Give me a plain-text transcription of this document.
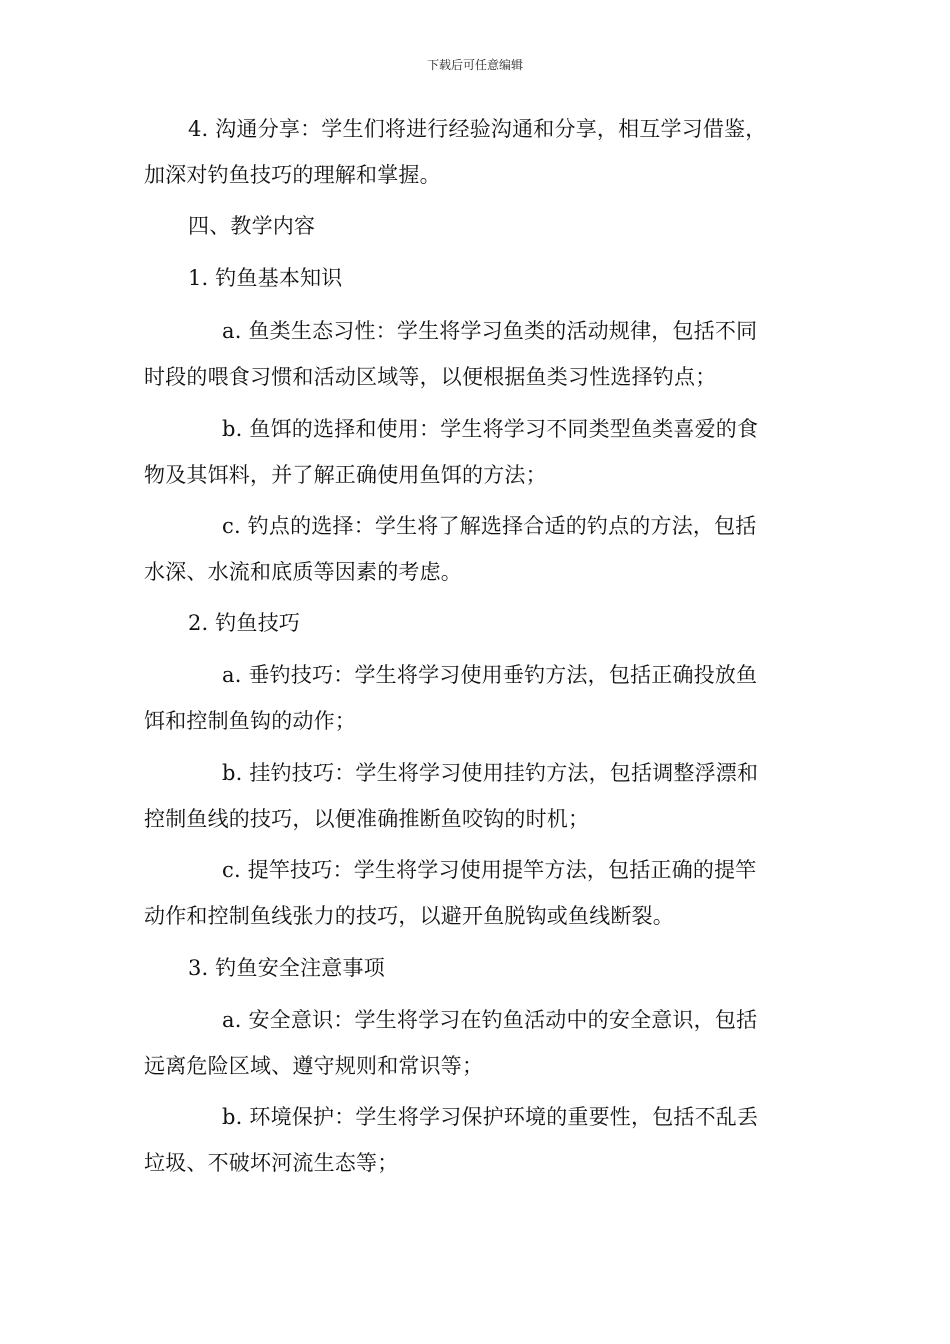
下载后可任意编辑
4. 沟通分享：学生们将进行经验沟通和分享，相互学习借鉴，
加深对钓鱼技巧的理解和掌握。
四、教学内容
1. 钓鱼基本知识
a. 鱼类生态习性：学生将学习鱼类的活动规律，包括不同
时段的喂食习惯和活动区域等，以便根据鱼类习性选择钓点；
b. 鱼饵的选择和使用：学生将学习不同类型鱼类喜爱的食
物及其饵料，并了解正确使用鱼饵的方法；
c. 钓点的选择：学生将了解选择合适的钓点的方法，包括
水深、水流和底质等因素的考虑。
2. 钓鱼技巧
a. 垂钓技巧：学生将学习使用垂钓方法，包括正确投放鱼
饵和控制鱼钩的动作；
b. 挂钓技巧：学生将学习使用挂钓方法，包括调整浮漂和
控制鱼线的技巧，以便准确推断鱼咬钩的时机；
c. 提竿技巧：学生将学习使用提竿方法，包括正确的提竿
动作和控制鱼线张力的技巧，以避开鱼脱钩或鱼线断裂。
3. 钓鱼安全注意事项
a. 安全意识：学生将学习在钓鱼活动中的安全意识，包括
远离危险区域、遵守规则和常识等；
b. 环境保护：学生将学习保护环境的重要性，包括不乱丢
垃圾、不破坏河流生态等；
